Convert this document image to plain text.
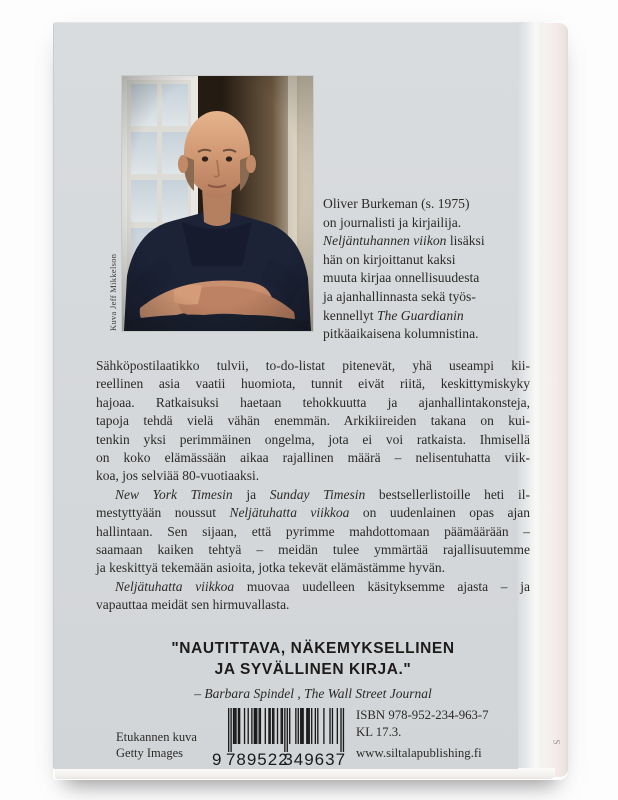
S
Kuva Jeff Mikkelson
Oliver Burkeman (s. 1975)
on journalisti ja kirjailija.
Neljäntuhannen viikon lisäksi
hän on kirjoittanut kaksi
muuta kirjaa onnellisuudesta
ja ajanhallinnasta sekä työs-
kennellyt The Guardianin
pitkäaikaisena kolumnistina.
Sähköpostilaatikko tulvii, to-do-listat pitenevät, yhä useampi kii-
reellinen asia vaatii huomiota, tunnit eivät riitä, keskittymiskyky
hajoaa. Ratkaisuksi haetaan tehokkuutta ja ajanhallintakonsteja,
tapoja tehdä vielä vähän enemmän. Arkikiireiden takana on kui-
tenkin yksi perimmäinen ongelma, jota ei voi ratkaista. Ihmisellä
on koko elämässään aikaa rajallinen määrä – nelisentuhatta viik-
koa, jos selviää 80-vuotiaaksi.
New York Timesin ja Sunday Timesin bestsellerlistoille heti il-
mestyttyään noussut Neljätuhatta viikkoa on uudenlainen opas ajan
hallintaan. Sen sijaan, että pyrimme mahdottomaan päämäärään –
saamaan kaiken tehtyä – meidän tulee ymmärtää rajallisuutemme
ja keskittyä tekemään asioita, jotka tekevät elämästämme hyvän.
Neljätuhatta viikkoa muovaa uudelleen käsityksemme ajasta – ja
vapauttaa meidät sen hirmuvallasta.
"NAUTITTAVA, NÄKEMYKSELLINEN
JA SYVÄLLINEN KIRJA."
– Barbara Spindel , The Wall Street Journal
Etukannen kuva
Getty Images	9 789522
349637
ISBN 978-952-234-963-7
KL 17.3.
www.siltalapublishing.fi
